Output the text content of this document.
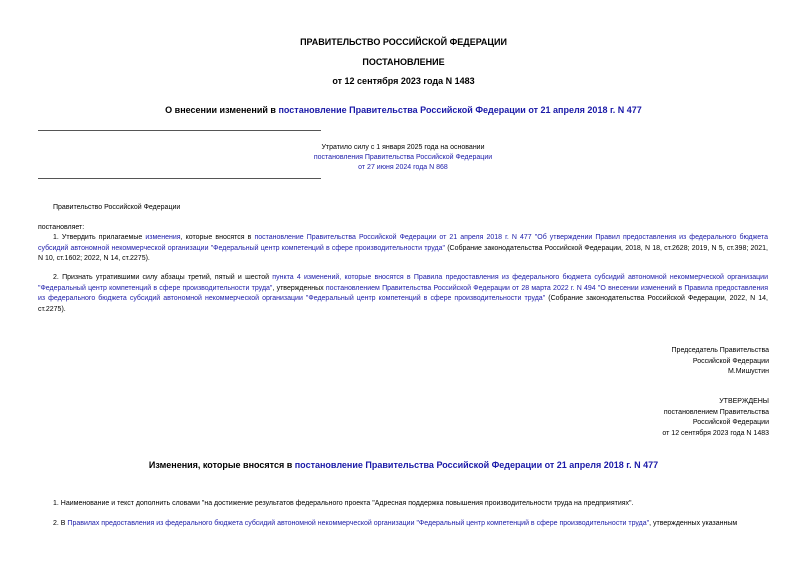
ПРАВИТЕЛЬСТВО РОССИЙСКОЙ ФЕДЕРАЦИИ
ПОСТАНОВЛЕНИЕ
от 12 сентября 2023 года N 1483
О внесении изменений в постановление Правительства Российской Федерации от 21 апреля 2018 г. N 477
Утратило силу с 1 января 2025 года на основании
постановления Правительства Российской Федерации
от 27 июня 2024 года N 868
Правительство Российской Федерации
постановляет:
1. Утвердить прилагаемые изменения, которые вносятся в постановление Правительства Российской Федерации от 21 апреля 2018 г. N 477 "Об утверждении Правил предоставления из федерального бюджета субсидий автономной некоммерческой организации "Федеральный центр компетенций в сфере производительности труда" (Собрание законодательства Российской Федерации, 2018, N 18, ст.2628; 2019, N 5, ст.398; 2021, N 10, ст.1602; 2022, N 14, ст.2275).
2. Признать утратившими силу абзацы третий, пятый и шестой пункта 4 изменений, которые вносятся в Правила предоставления из федерального бюджета субсидий автономной некоммерческой организации "Федеральный центр компетенций в сфере производительности труда", утвержденных постановлением Правительства Российской Федерации от 28 марта 2022 г. N 494 "О внесении изменений в Правила предоставления из федерального бюджета субсидий автономной некоммерческой организации "Федеральный центр компетенций в сфере производительности труда" (Собрание законодательства Российской Федерации, 2022, N 14, ст.2275).
Председатель Правительства
Российской Федерации
М.Мишустин
УТВЕРЖДЕНЫ
постановлением Правительства
Российской Федерации
от 12 сентября 2023 года N 1483
Изменения, которые вносятся в постановление Правительства Российской Федерации от 21 апреля 2018 г. N 477
1. Наименование и текст дополнить словами "на достижение результатов федерального проекта "Адресная поддержка повышения производительности труда на предприятиях".
2. В Правилах предоставления из федерального бюджета субсидий автономной некоммерческой организации "Федеральный центр компетенций в сфере производительности труда", утвержденных указанным
